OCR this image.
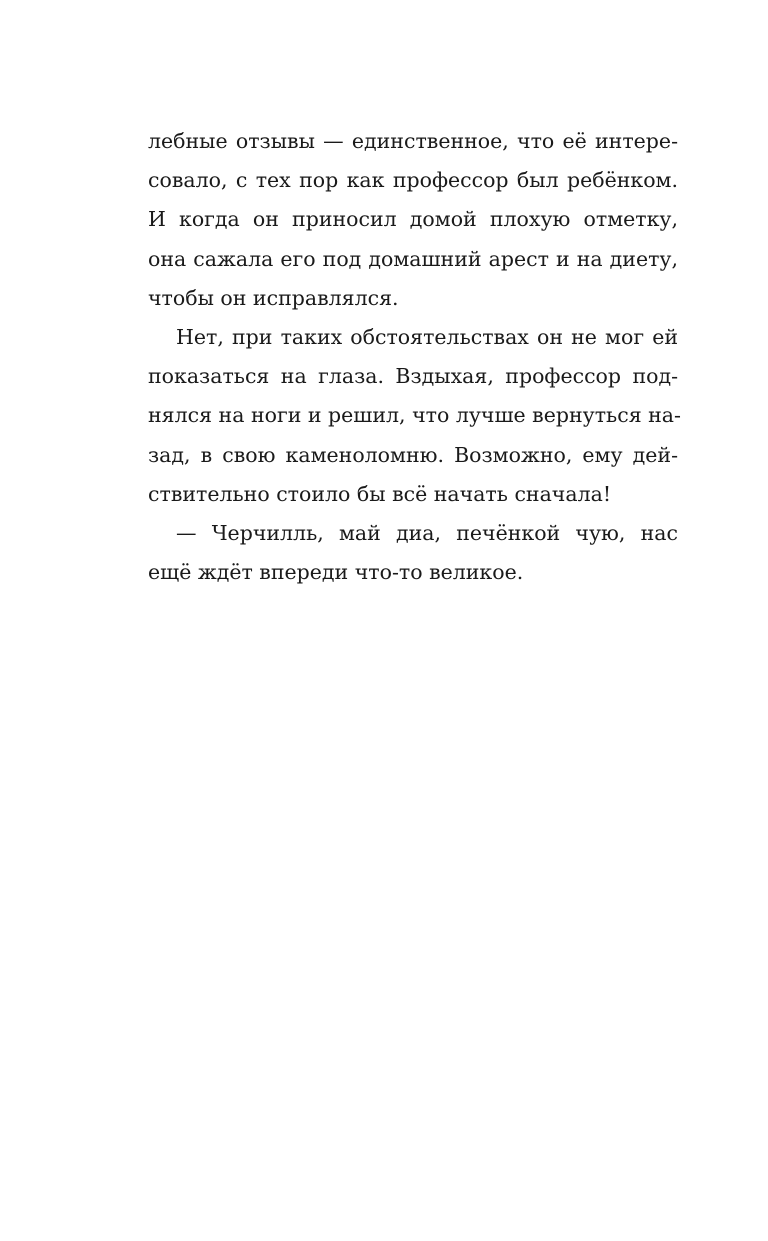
лебные отзывы — единственное, что её интере-
совало, с тех пор как профессор был ребёнком.
И когда он приносил домой плохую отметку,
она сажала его под домашний арест и на диету,
чтобы он исправлялся.
Нет, при таких обстоятельствах он не мог ей
показаться на глаза. Вздыхая, профессор под-
нялся на ноги и решил, что лучше вернуться на-
зад, в свою каменоломню. Возможно, ему дей-
ствительно стоило бы всё начать сначала!
— Черчилль, май диа, печёнкой чую, нас
ещё ждёт впереди что-то великое.
